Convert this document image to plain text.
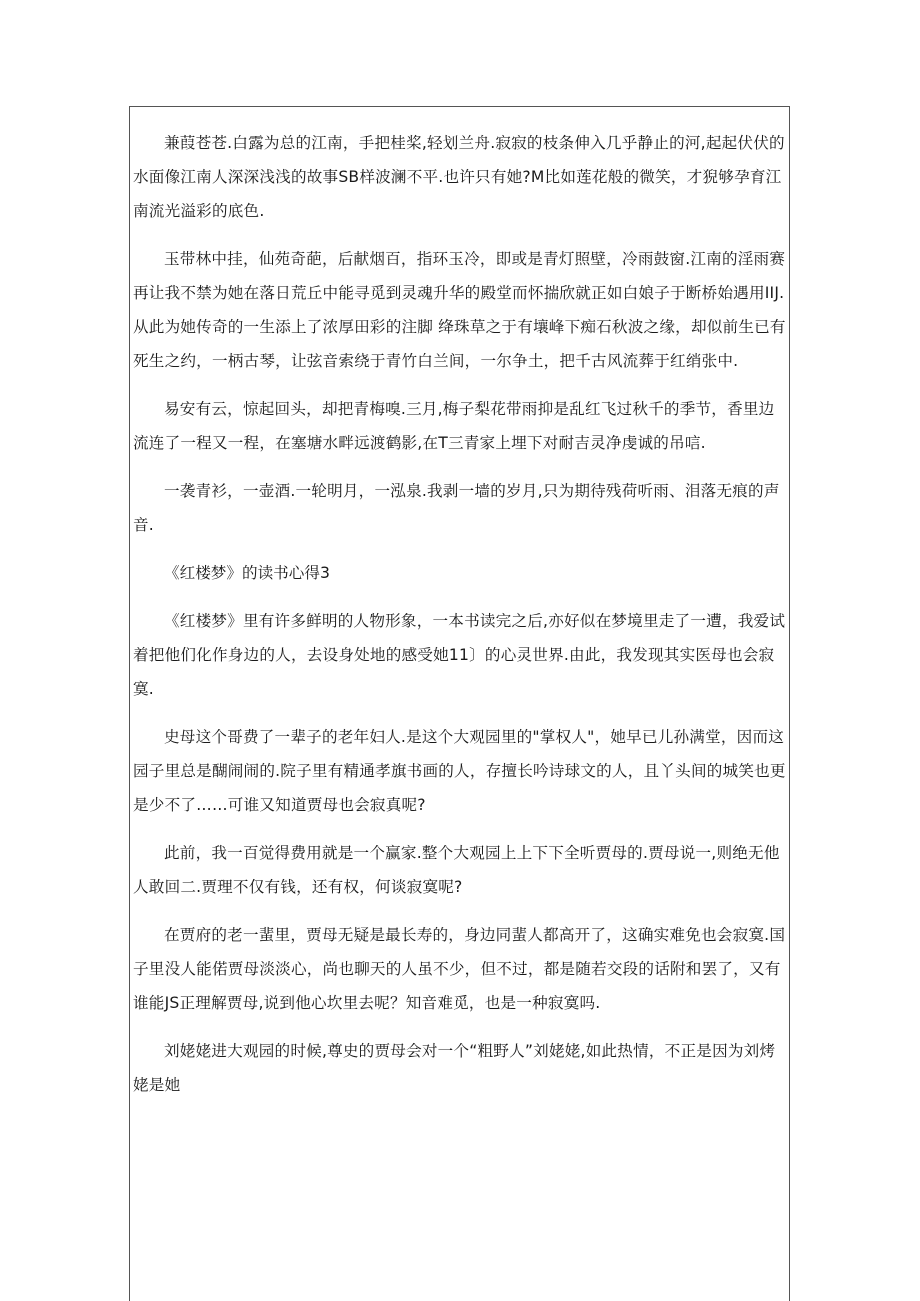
兼葭苍苍.白露为总的江南，手把桂桨,轻划兰舟.寂寂的枝条伸入几乎静止的河,起起伏伏的水面像江南人深深浅浅的故事SB样波澜不平.也许只有她?M比如莲花般的微笑，才猊够孕育江南流光溢彩的底色.

玉带林中挂，仙苑奇葩，后献烟百，指环玉冷，即或是青灯照壁，冷雨鼓窗.江南的淫雨赛再让我不禁为她在落日荒丘中能寻觅到灵魂升华的殿堂而怀揣欣就正如白娘子于断桥始遇用IIJ.从此为她传奇的一生添上了浓厚田彩的注脚 绛珠草之于有壤峰下痴石秋波之缘，却似前生已有死生之约，一柄古琴，让弦音索绕于青竹白兰间，一尔争土，把千古风流葬于红绡张中.

易安有云，惊起回头，却把青梅嗅.三月,梅子梨花带雨抑是乱红飞过秋千的季节，香里边流连了一程又一程，在塞塘水畔远渡鹤影,在T三青家上埋下对耐吉灵净虔诚的吊唁.

一袭青衫，一壶酒.一轮明月，一泓泉.我剥一墙的岁月,只为期待残荷听雨、泪落无痕的声音.

《红楼梦》的读书心得3

《红楼梦》里有许多鲜明的人物形象，一本书读完之后,亦好似在梦境里走了一遭，我爱试着把他们化作身边的人，去设身处地的感受她11〕的心灵世界.由此，我发现其实医母也会寂寞.

史母这个哥费了一辈子的老年妇人.是这个大观园里的"掌权人"，她早已儿孙满堂，因而这园子里总是醐闹闹的.院子里有精通孝旗书画的人，存擅长吟诗球文的人，且丫头间的城笑也更是少不了……可谁又知道贾母也会寂真呢?

此前，我一百觉得费用就是一个赢家.整个大观园上上下下全听贾母的.贾母说一,则绝无他人敢回二.贾理不仅有钱，还有权，何谈寂寞呢?

在贾府的老一蜚里，贾母无疑是最长寿的，身边同蜚人都高开了，这确实难免也会寂寞.国子里没人能偌贾母淡淡心，尚也聊天的人虽不少，但不过，都是随若交段的话附和罢了，又有谁能JS正理解贾母,说到他心坎里去呢？知音难觅，也是一种寂寞吗.

刘姥姥进大观园的时候,尊史的贾母会对一个“粗野人”刘姥姥,如此热情，不正是因为刘烤姥是她
